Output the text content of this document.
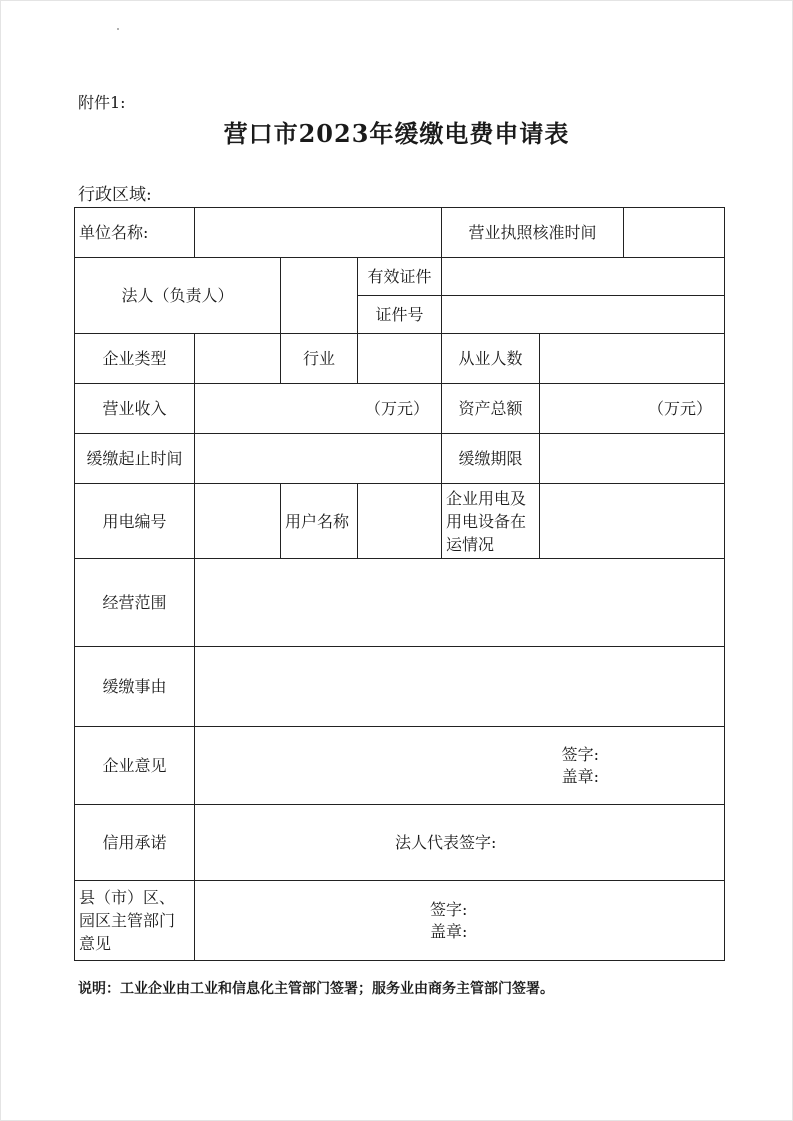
附件1:
营口市2023年缓缴电费申请表
行政区域:
单位名称:				营业执照核准时间		
法人（负责人）			有效证件			
			证件号			
企业类型		行业		从业人数		
营业收入	（万元）			资产总额	（万元）	
缓缴起止时间				缓缴期限		
用电编号		用户名称		企业用电及用电设备在运情况		
经营范围						
缓缴事由						
企业意见	签字:
盖章:					

信用承诺	法人代表签字:					
县（市）区、园区主管部门意见	签字:
盖章:					
说明：工业企业由工业和信息化主管部门签署；服务业由商务主管部门签署。
